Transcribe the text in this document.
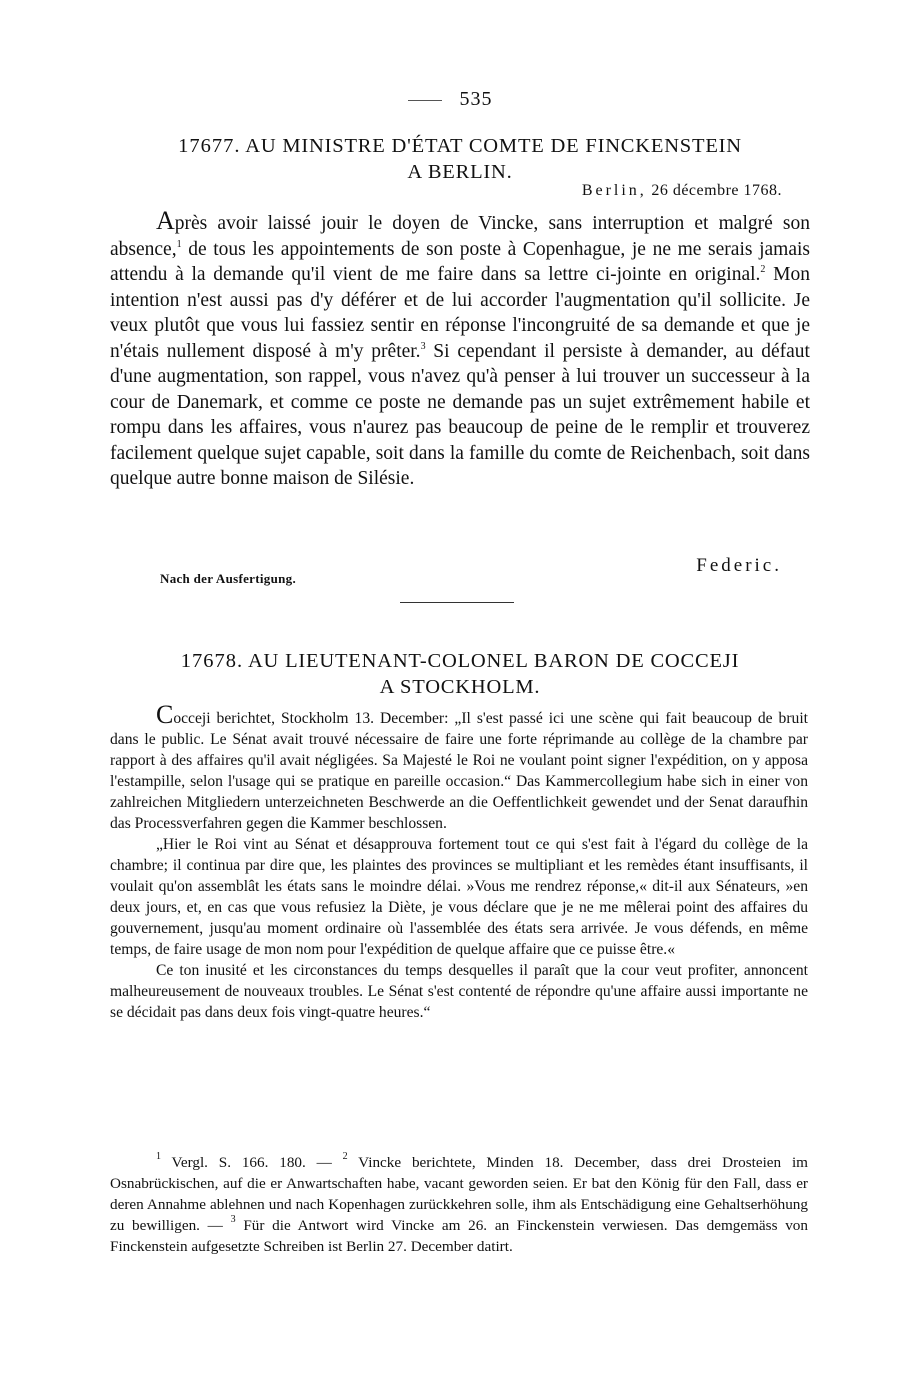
535
17677. AU MINISTRE D'ÉTAT COMTE DE FINCKENSTEIN
A BERLIN.
Berlin, 26 décembre 1768.

Après avoir laissé jouir le doyen de Vincke, sans interruption et malgré son absence,$^1$ de tous les appointements de son poste à Copenhague, je ne me serais jamais attendu à la demande qu'il vient de me faire dans sa lettre ci-jointe en original.$^2$ Mon intention n'est aussi pas d'y déférer et de lui accorder l'augmentation qu'il sollicite. Je veux plutôt que vous lui fassiez sentir en réponse l'incongruité de sa demande et que je n'étais nullement disposé à m'y prêter.$^3$ Si cependant il persiste à demander, au défaut d'une augmentation, son rappel, vous n'avez qu'à penser à lui trouver un successeur à la cour de Danemark, et comme ce poste ne demande pas un sujet extrêmement habile et rompu dans les affaires, vous n'aurez pas beaucoup de peine de le remplir et trouverez facilement quelque sujet capable, soit dans la famille du comte de Reichenbach, soit dans quelque autre bonne maison de Silésie.

Federic.
Nach der Ausfertigung.
17678. AU LIEUTENANT-COLONEL BARON DE COCCEJI
A STOCKHOLM.

Cocceji berichtet, Stockholm 13. December: „Il s'est passé ici une scène qui fait beaucoup de bruit dans le public. Le Sénat avait trouvé nécessaire de faire une forte réprimande au collège de la chambre par rapport à des affaires qu'il avait négligées. Sa Majesté le Roi ne voulant point signer l'expédition, on y apposa l'estampille, selon l'usage qui se pratique en pareille occasion.“ Das Kammercollegium habe sich in einer von zahlreichen Mitgliedern unterzeichneten Beschwerde an die Oeffentlichkeit gewendet und der Senat daraufhin das Processverfahren gegen die Kammer beschlossen.

„Hier le Roi vint au Sénat et désapprouva fortement tout ce qui s'est fait à l'égard du collège de la chambre; il continua par dire que, les plaintes des provinces se multipliant et les remèdes étant insuffisants, il voulait qu'on assemblât les états sans le moindre délai. »Vous me rendrez réponse,« dit-il aux Sénateurs, »en deux jours, et, en cas que vous refusiez la Diète, je vous déclare que je ne me mêlerai point des affaires du gouvernement, jusqu'au moment ordinaire où l'assemblée des états sera arrivée. Je vous défends, en même temps, de faire usage de mon nom pour l'expédition de quelque affaire que ce puisse être.«

Ce ton inusité et les circonstances du temps desquelles il paraît que la cour veut profiter, annoncent malheureusement de nouveaux troubles. Le Sénat s'est contenté de répondre qu'une affaire aussi importante ne se décidait pas dans deux fois vingt-quatre heures.“

$^1$ Vergl. S. 166. 180. — $^2$ Vincke berichtete, Minden 18. December, dass drei Drosteien im Osnabrückischen, auf die er Anwartschaften habe, vacant geworden seien. Er bat den König für den Fall, dass er deren Annahme ablehnen und nach Kopenhagen zurückkehren solle, ihm als Entschädigung eine Gehaltserhöhung zu bewilligen. — $^3$ Für die Antwort wird Vincke am 26. an Finckenstein verwiesen. Das demgemäss von Finckenstein aufgesetzte Schreiben ist Berlin 27. December datirt.
